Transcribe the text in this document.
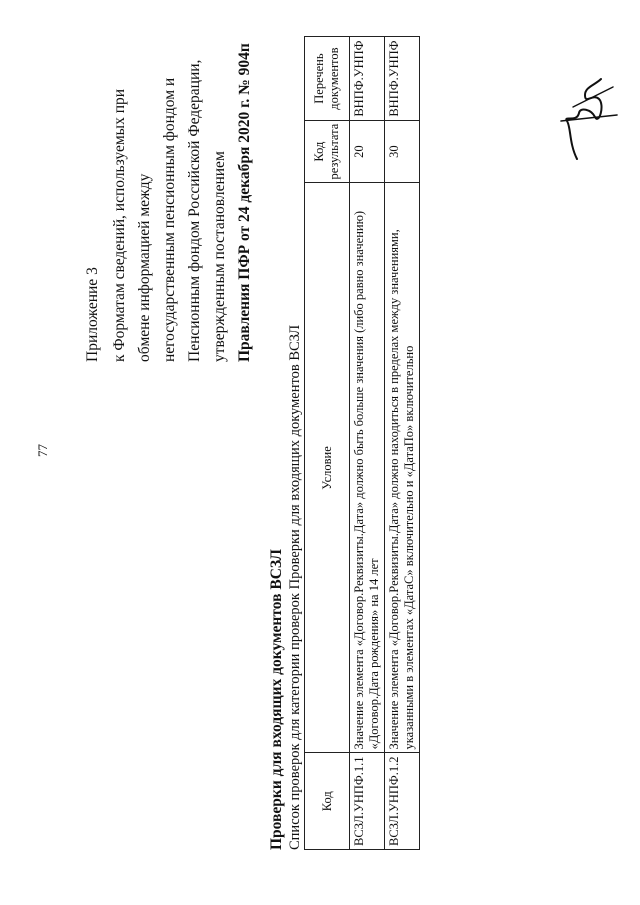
77
Приложение 3 к Форматам сведений, используемых при обмене информацией между негосударственным пенсионным фондом и Пенсионным фондом Российской Федерации, утвержденным постановлением Правления ПФР от 24 декабря 2020 г. № 904п
Проверки для входящих документов ВСЗЛ Список проверок для категории проверок Проверки для входящих документов ВСЗЛ Код	Условие	Код результата	Перечень документов
ВСЗЛ.УНПФ.1.1	Значение элемента «Договор.Реквизиты.Дата» должно быть больше значения (либо равно значению) «Договор.Дата рождения» на 14 лет	20	ВНПФ.УНПФ
ВСЗЛ.УНПФ.1.2	Значение элемента «Договор.Реквизиты.Дата» должно находиться в пределах между значениями, указанными в элементах «ДатаС» включительно и «ДатаПо» включительно	30	ВНПФ.УНПФ
